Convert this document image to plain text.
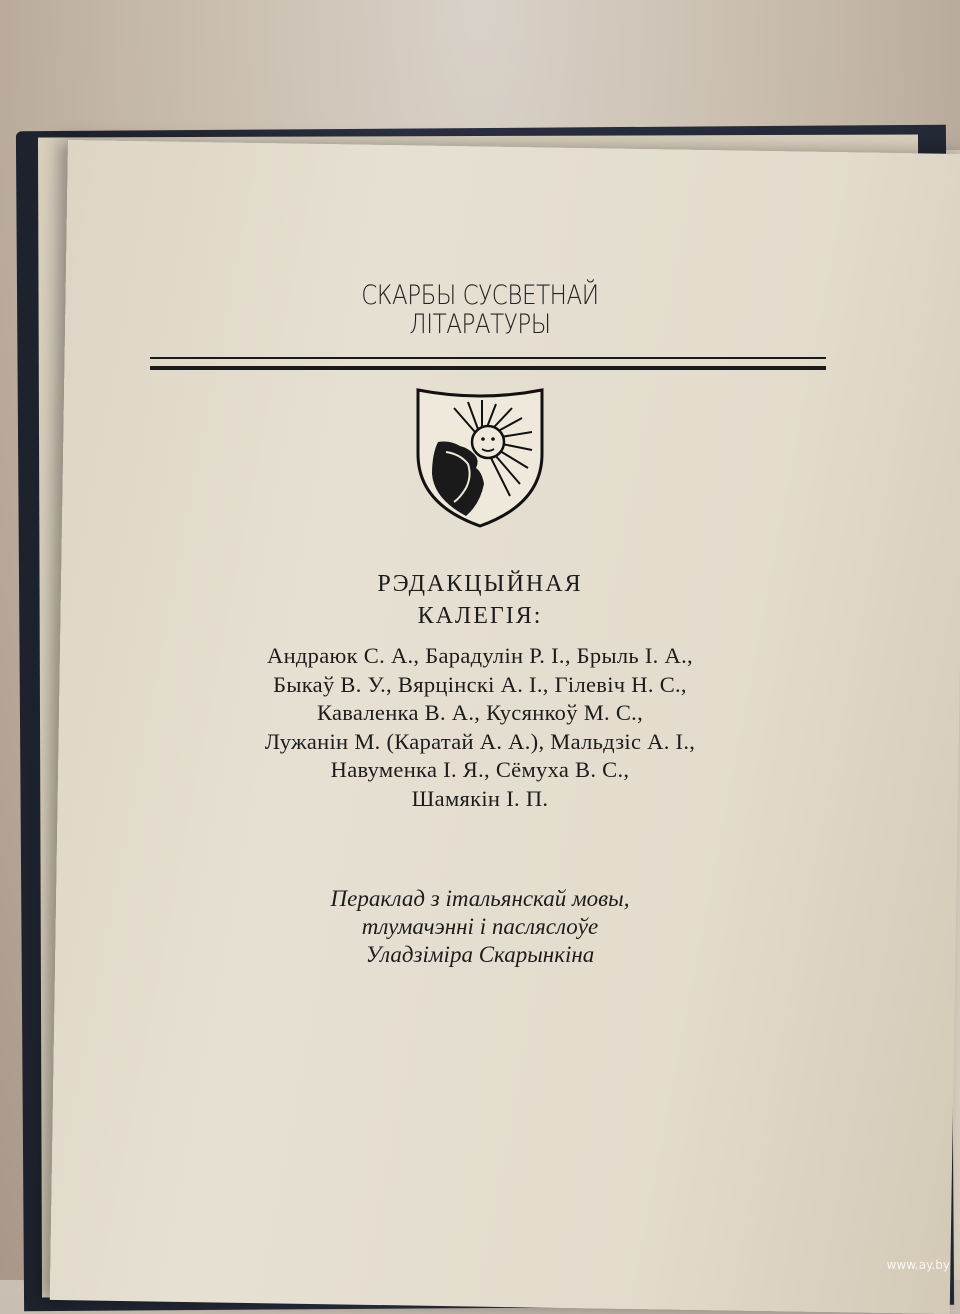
СКАРБЫ СУСВЕТНАЙ
ЛІТАРАТУРЫ
РЭДАКЦЫЙНАЯ
КАЛЕГІЯ:
Андраюк С. А., Барадулін Р. І., Брыль І. А.,
Быкаў В. У., Вярцінскі А. І., Гілевіч Н. С.,
Каваленка В. А., Кусянкоў М. С.,
Лужанін М. (Каратай А. А.), Мальдзіс А. І.,
Навуменка І. Я., Сёмуха В. С.,
Шамякін І. П.
Пераклад з італьянскай мовы,
тлумачэнні і пасляслоўе
Уладзіміра Скарынкіна
www.ay.by
